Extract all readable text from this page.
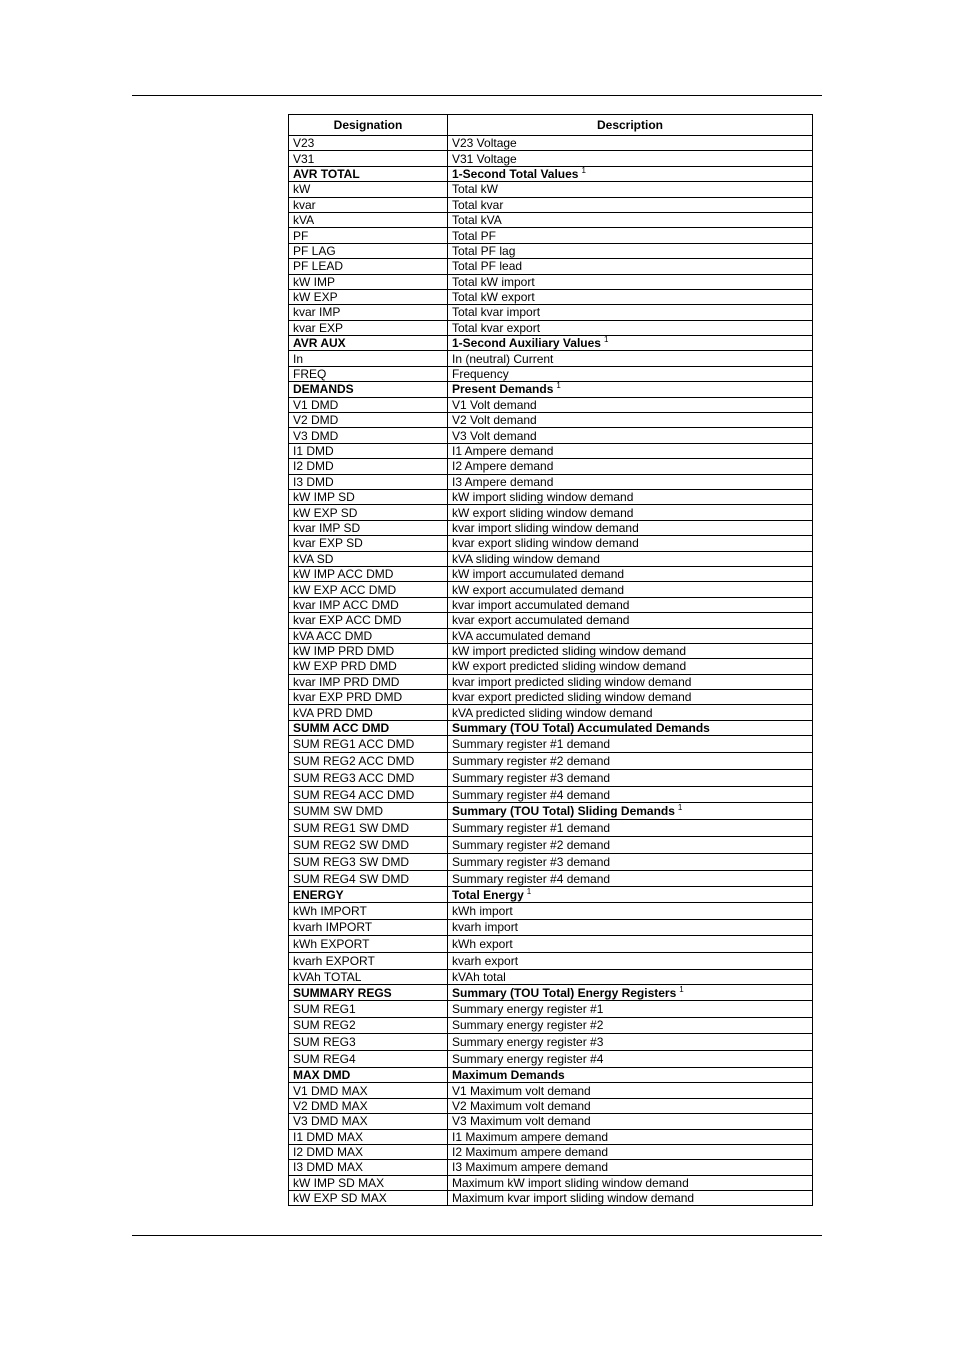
Designation	Description
V23	V23 Voltage
V31	V31 Voltage
AVR TOTAL	1-Second Total Values $^1$
kW	Total kW
kvar	Total kvar
kVA	Total kVA
PF	Total PF
PF LAG	Total PF lag
PF LEAD	Total PF lead
kW IMP	Total kW import
kW EXP	Total kW export
kvar IMP	Total kvar import
kvar EXP	Total kvar export
AVR AUX	1-Second Auxiliary Values $^1$
In	In (neutral) Current
FREQ	Frequency
DEMANDS	Present Demands $^1$
V1 DMD	V1 Volt demand
V2 DMD	V2 Volt demand
V3 DMD	V3 Volt demand
I1 DMD	I1 Ampere demand
I2 DMD	I2 Ampere demand
I3 DMD	I3 Ampere demand
kW IMP SD	kW import sliding window demand
kW EXP SD	kW export sliding window demand
kvar IMP SD	kvar import sliding window demand
kvar EXP SD	kvar export sliding window demand
kVA SD	kVA sliding window demand
kW IMP ACC DMD	kW import accumulated demand
kW EXP ACC DMD	kW export accumulated demand
kvar IMP ACC DMD	kvar import accumulated demand
kvar EXP ACC DMD	kvar export accumulated demand
kVA ACC DMD	kVA accumulated demand
kW IMP PRD DMD	kW import predicted sliding window demand
kW EXP PRD DMD	kW export predicted sliding window demand
kvar IMP PRD DMD	kvar import predicted sliding window demand
kvar EXP PRD DMD	kvar export predicted sliding window demand
kVA PRD DMD	kVA predicted sliding window demand
SUMM ACC DMD	Summary (TOU Total) Accumulated Demands
SUM REG1 ACC DMD	Summary register #1 demand
SUM REG2 ACC DMD	Summary register #2 demand
SUM REG3 ACC DMD	Summary register #3 demand
SUM REG4 ACC DMD	Summary register #4 demand
SUMM SW DMD	Summary (TOU Total) Sliding Demands $^1$
SUM REG1 SW DMD	Summary register #1 demand
SUM REG2 SW DMD	Summary register #2 demand
SUM REG3 SW DMD	Summary register #3 demand
SUM REG4 SW DMD	Summary register #4 demand
ENERGY	Total Energy $^1$
kWh IMPORT	kWh import
kvarh IMPORT	kvarh import
kWh EXPORT	kWh export
kvarh EXPORT	kvarh export
kVAh TOTAL	kVAh total
SUMMARY REGS	Summary (TOU Total) Energy Registers $^1$
SUM REG1	Summary energy register #1
SUM REG2	Summary energy register #2
SUM REG3	Summary energy register #3
SUM REG4	Summary energy register #4
MAX DMD	Maximum Demands
V1 DMD MAX	V1 Maximum volt demand
V2 DMD MAX	V2 Maximum volt demand
V3 DMD MAX	V3 Maximum volt demand
I1 DMD MAX	I1 Maximum ampere demand
I2 DMD MAX	I2 Maximum ampere demand
I3 DMD MAX	I3 Maximum ampere demand
kW IMP SD MAX	Maximum kW import sliding window demand
kW EXP SD MAX	Maximum kvar import sliding window demand
